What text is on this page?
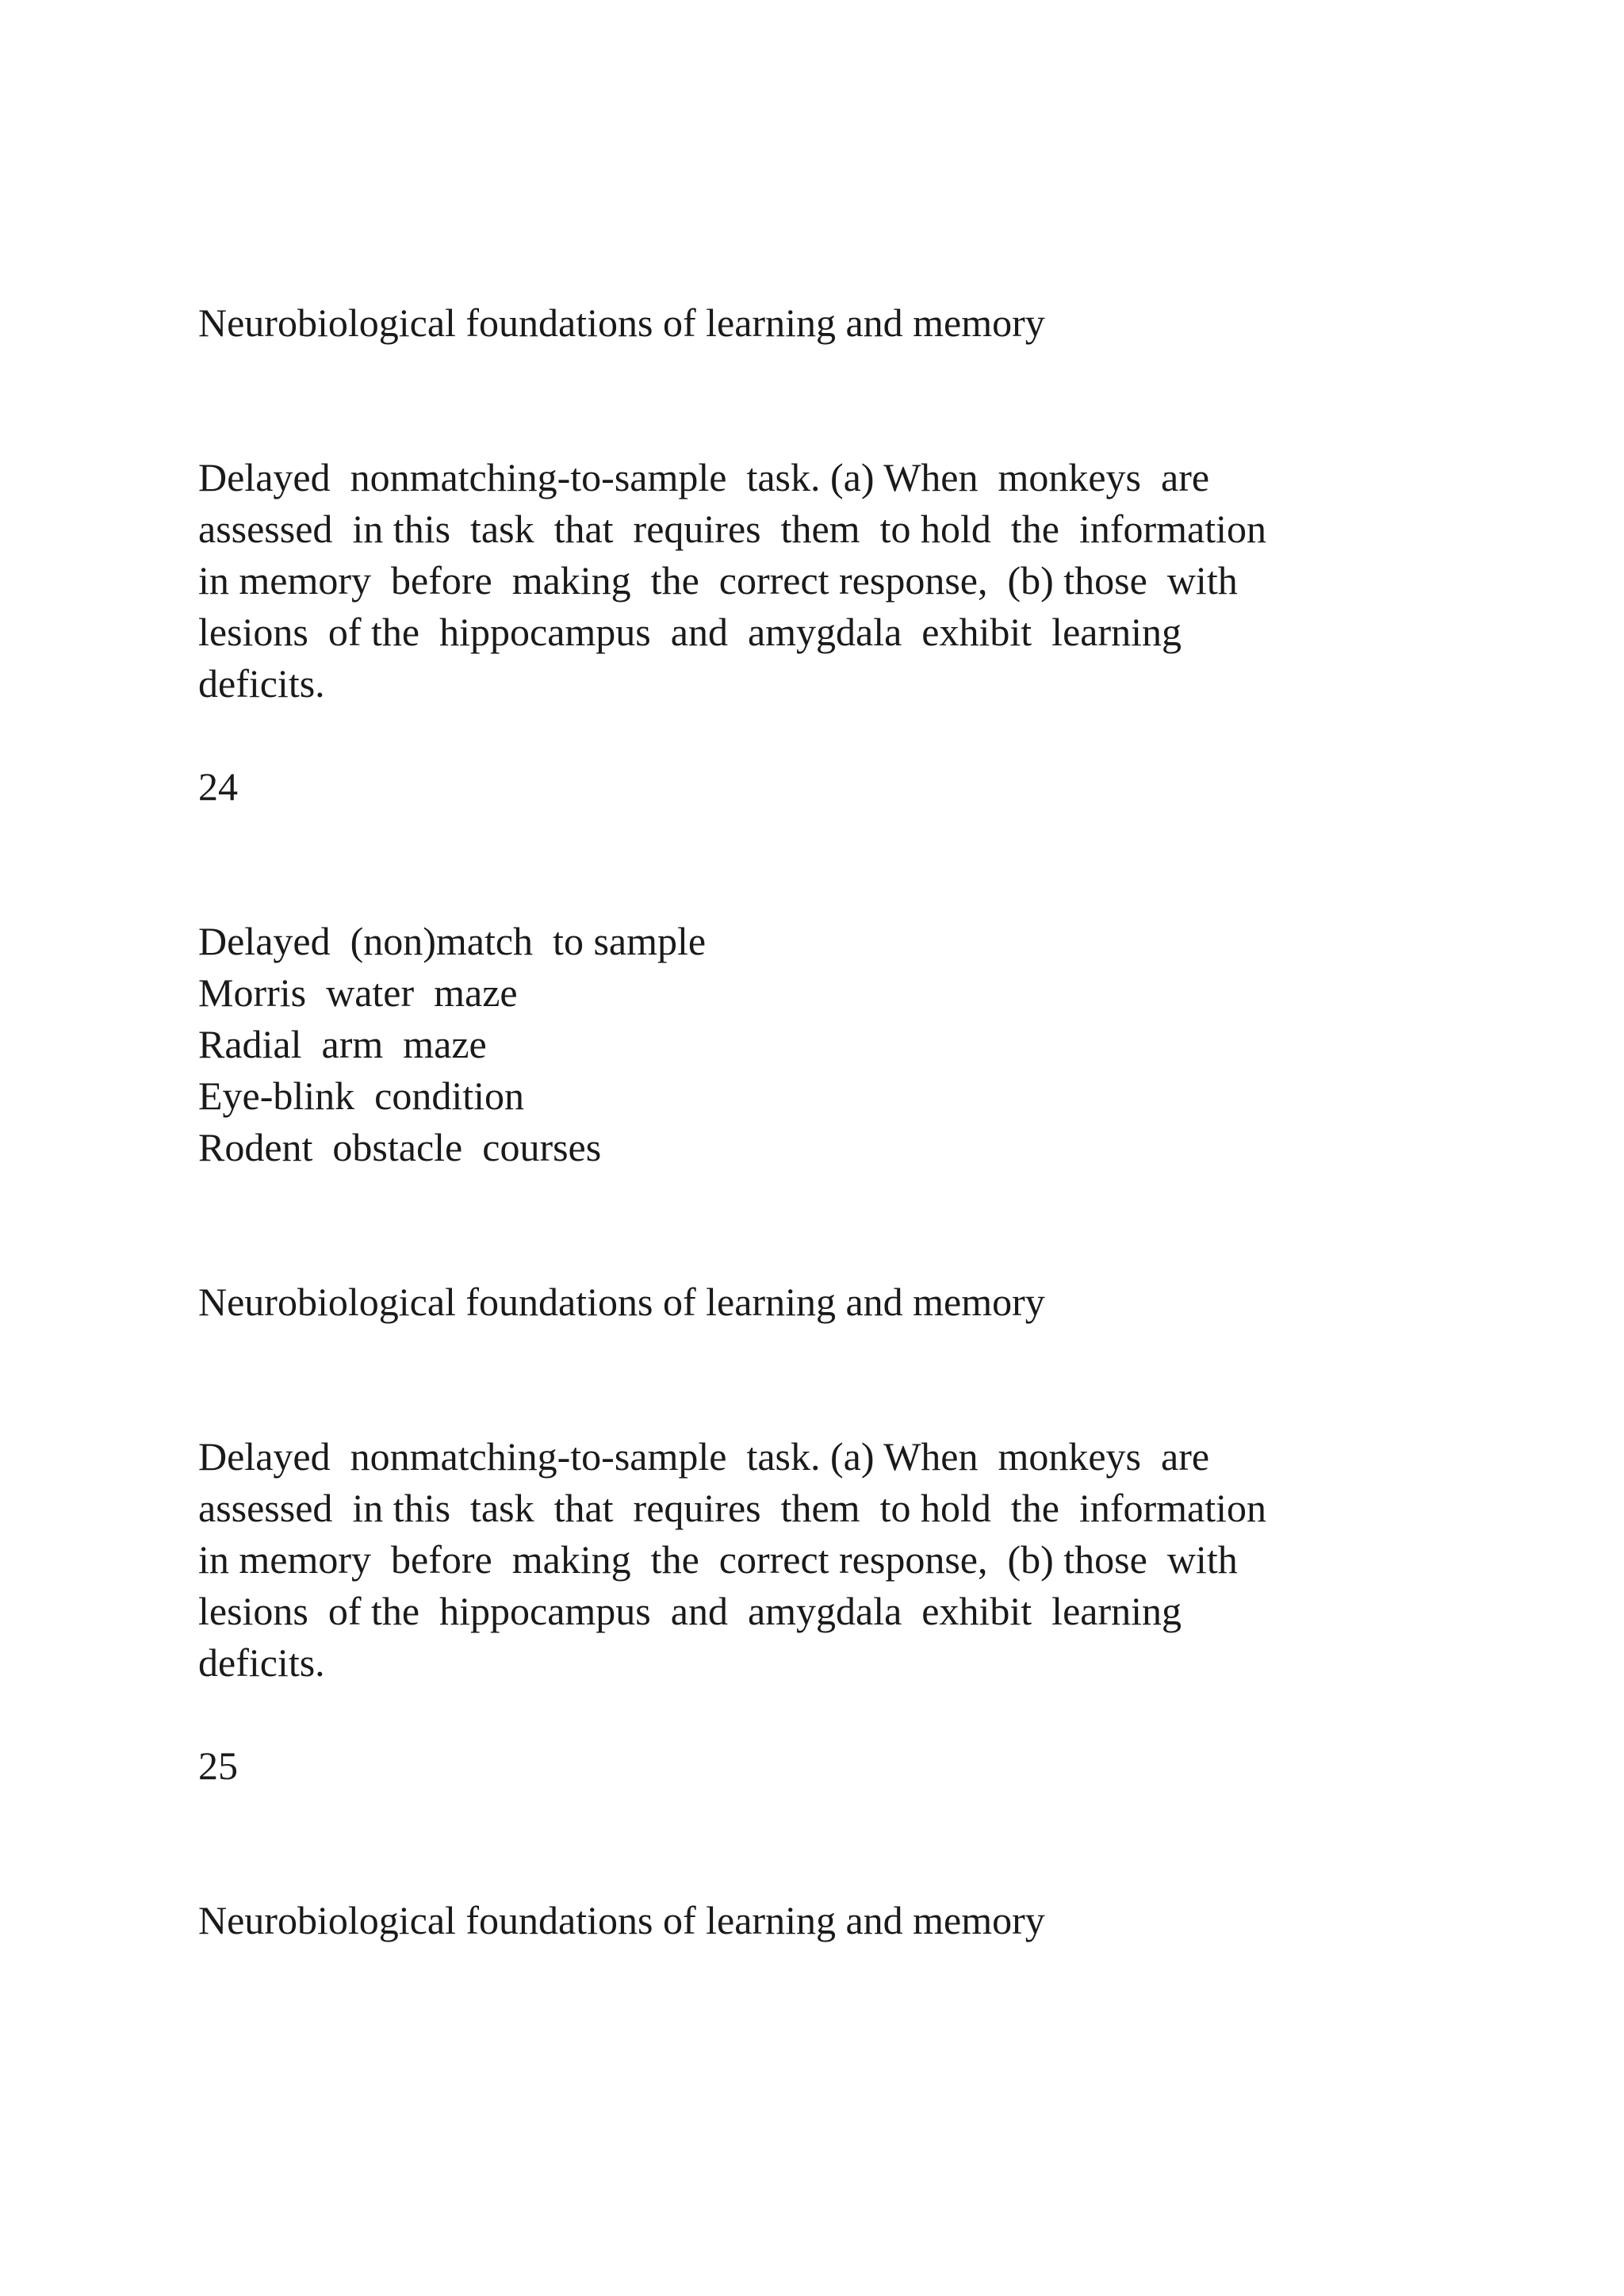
Neurobiological foundations of learning and memory
Delayed  nonmatching-to-sample  task. (a) When  monkeys  are
assessed  in this  task  that  requires  them  to hold  the  information
in memory  before  making  the  correct response,  (b) those  with
lesions  of the  hippocampus  and  amygdala  exhibit  learning
deficits.
24
Delayed  (non)match  to sample
Morris  water  maze
Radial  arm  maze
Eye-blink  condition
Rodent  obstacle  courses
Neurobiological foundations of learning and memory
Delayed  nonmatching-to-sample  task. (a) When  monkeys  are
assessed  in this  task  that  requires  them  to hold  the  information
in memory  before  making  the  correct response,  (b) those  with
lesions  of the  hippocampus  and  amygdala  exhibit  learning
deficits.
25
Neurobiological foundations of learning and memory
